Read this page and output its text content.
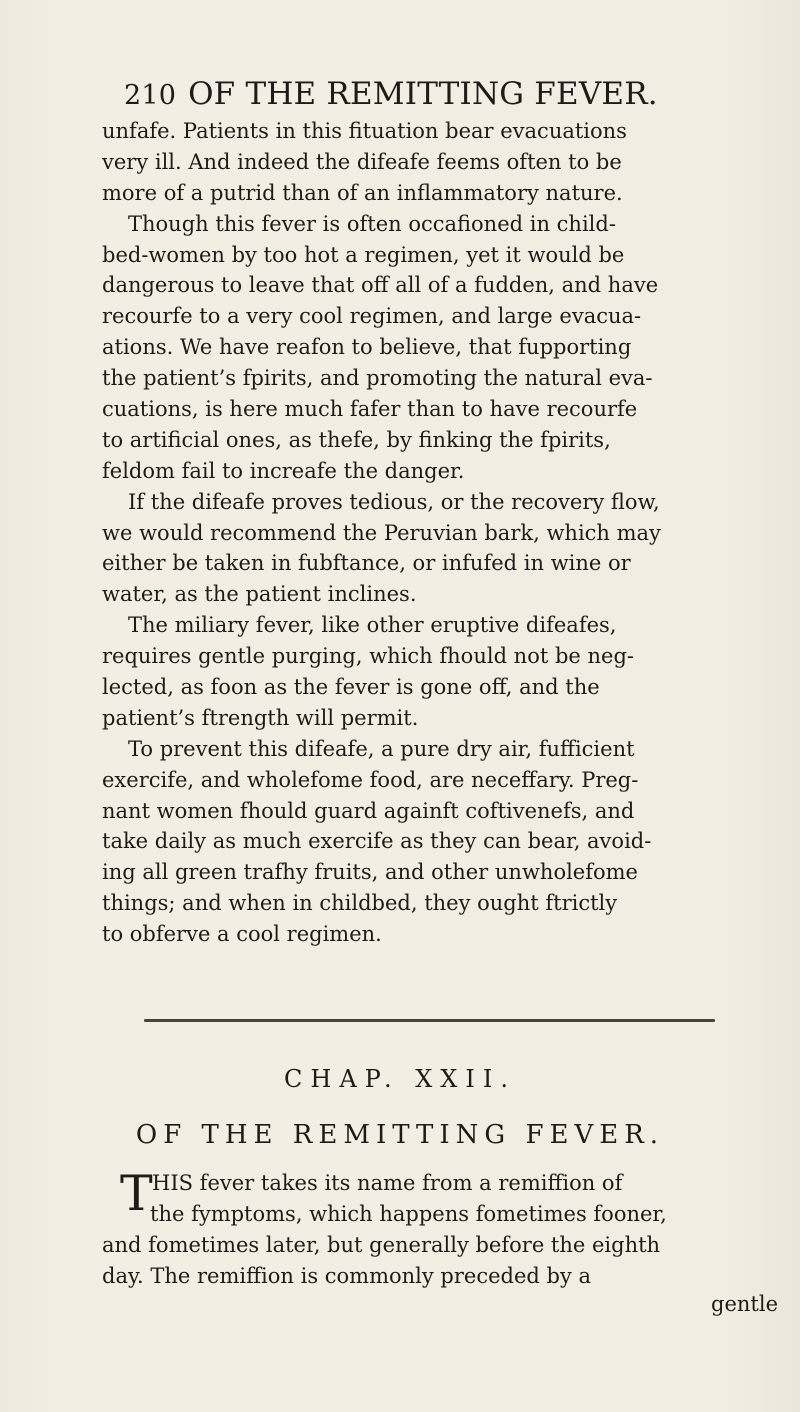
210 OF THE REMITTING FEVER.
unfafe. Patients in this fituation bear evacuations
very ill. And indeed the difeafe feems often to be
more of a putrid than of an inflammatory nature.
Though this fever is often occafioned in child-
bed-women by too hot a regimen, yet it would be
dangerous to leave that off all of a fudden, and have
recourfe to a very cool regimen, and large evacua-
ations. We have reafon to believe, that fupporting
the patient’s fpirits, and promoting the natural eva-
cuations, is here much fafer than to have recourfe
to artificial ones, as thefe, by finking the fpirits,
feldom fail to increafe the danger.
If the difeafe proves tedious, or the recovery flow,
we would recommend the Peruvian bark, which may
either be taken in fubftance, or infufed in wine or
water, as the patient inclines.
The miliary fever, like other eruptive difeafes,
requires gentle purging, which fhould not be neg-
lected, as foon as the fever is gone off, and the
patient’s ftrength will permit.
To prevent this difeafe, a pure dry air, fufficient
exercife, and wholefome food, are neceffary. Preg-
nant women fhould guard againft coftivenefs, and
take daily as much exercife as they can bear, avoid-
ing all green trafhy fruits, and other unwholefome
things; and when in childbed, they ought ftrictly
to obferve a cool regimen.
CHAP. XXII.
OF THE REMITTING FEVER.
T HIS fever takes its name from a remiffion of
the fymptoms, which happens fometimes fooner,
and fometimes later, but generally before the eighth
day. The remiffion is commonly preceded by a
gentle
